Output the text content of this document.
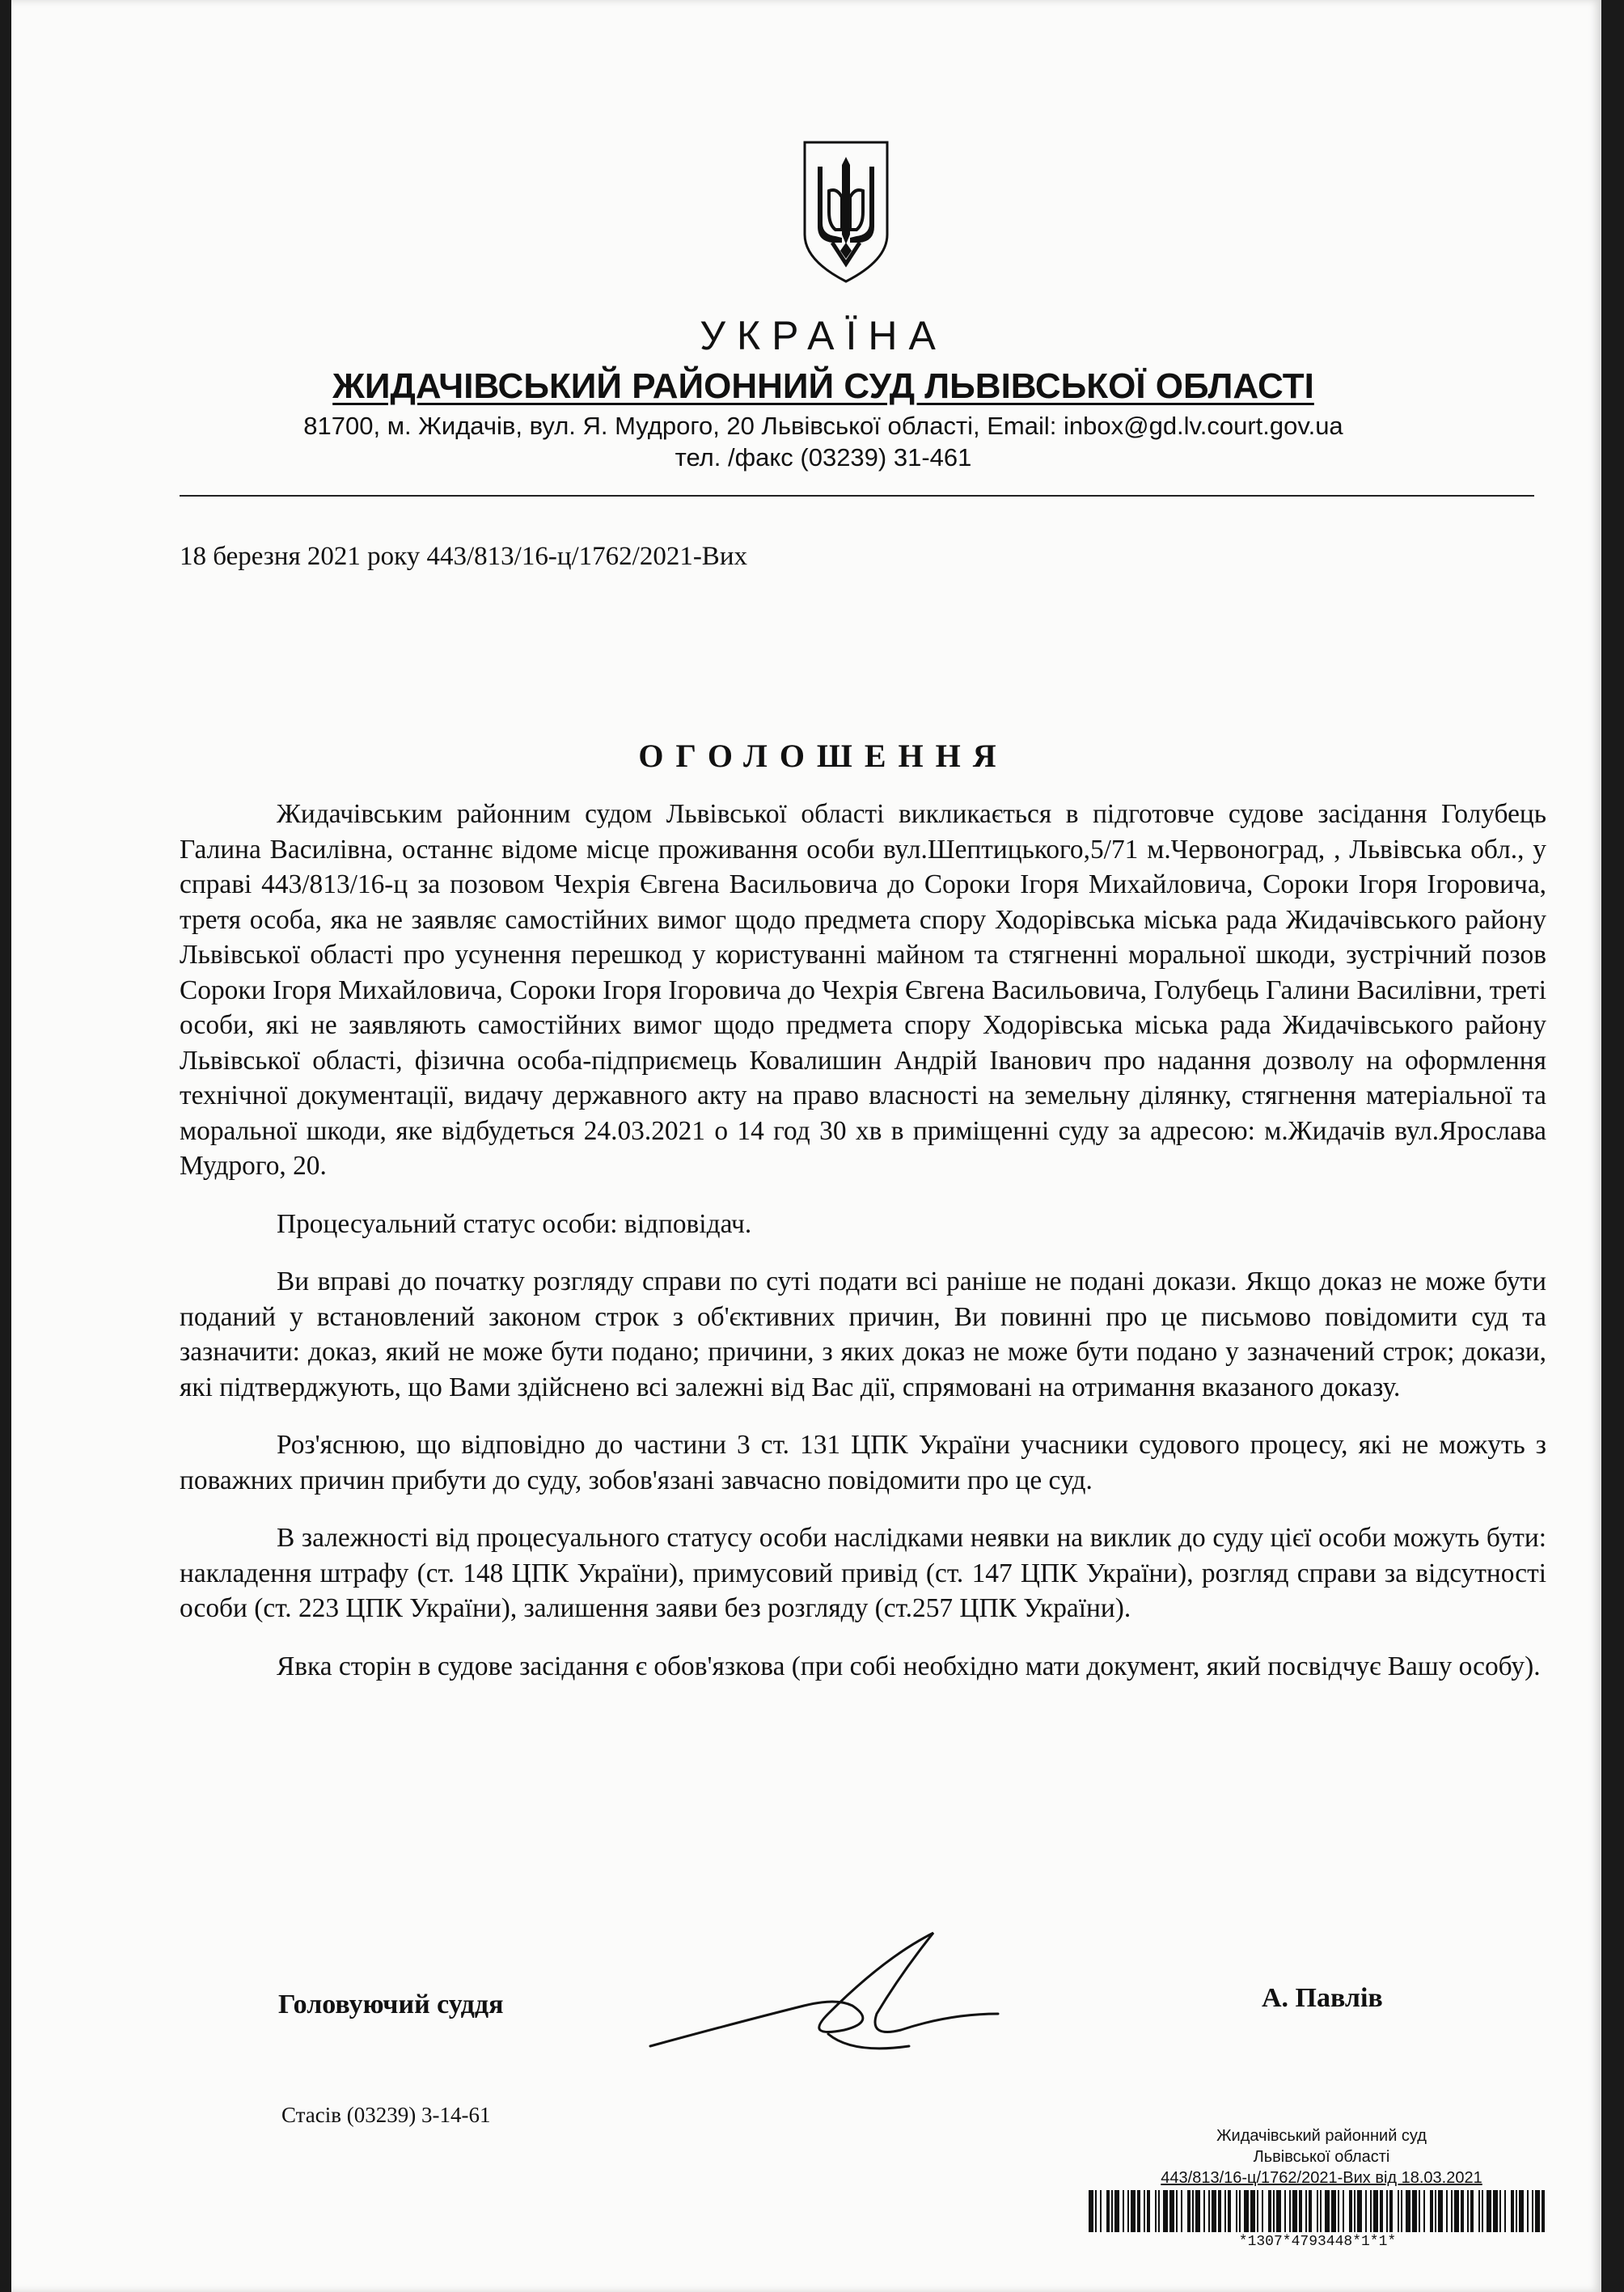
УКРАЇНА
ЖИДАЧІВСЬКИЙ РАЙОННИЙ СУД ЛЬВІВСЬКОЇ ОБЛАСТІ
81700, м. Жидачів, вул. Я. Мудрого, 20 Львівської області, Email: inbox@gd.lv.court.gov.ua
тел. /факс (03239) 31-461
18 березня 2021 року 443/813/16-ц/1762/2021-Вих
ОГОЛОШЕННЯ

Жидачівським районним судом Львівської області викликається в підготовче судове засідання Голубець Галина Василівна, останнє відоме місце проживання особи вул.Шептицького,5/71 м.Червоноград, , Львівська обл., у справі 443/813/16-ц за позовом Чехрія Євгена Васильовича до Сороки Ігоря Михайловича, Сороки Ігоря Ігоровича, третя особа, яка не заявляє самостійних вимог щодо предмета спору Ходорівська міська рада Жидачівського району Львівської області про усунення перешкод у користуванні майном та стягненні моральної шкоди, зустрічний позов Сороки Ігоря Михайловича, Сороки Ігоря Ігоровича до Чехрія Євгена Васильовича, Голубець Галини Василівни, треті особи, які не заявляють самостійних вимог щодо предмета спору Ходорівська міська рада Жидачівського району Львівської області, фізична особа-підприємець Ковалишин Андрій Іванович про надання дозволу на оформлення технічної документації, видачу державного акту на право власності на земельну ділянку, стягнення матеріальної та моральної шкоди, яке відбудеться 24.03.2021 о 14 год 30 хв в приміщенні суду за адресою: м.Жидачів вул.Ярослава Мудрого, 20.

Процесуальний статус особи: відповідач.

Ви вправі до початку розгляду справи по суті подати всі раніше не подані докази. Якщо доказ не може бути поданий у встановлений законом строк з об'єктивних причин, Ви повинні про це письмово повідомити суд та зазначити: доказ, який не може бути подано; причини, з яких доказ не може бути подано у зазначений строк; докази, які підтверджують, що Вами здійснено всі залежні від Вас дії, спрямовані на отримання вказаного доказу.

Роз'яснюю, що відповідно до частини 3 ст. 131 ЦПК України учасники судового процесу, які не можуть з поважних причин прибути до суду, зобов'язані завчасно повідомити про це суд.

В залежності від процесуального статусу особи наслідками неявки на виклик до суду цієї особи можуть бути: накладення штрафу (ст. 148 ЦПК України), примусовий привід (ст. 147 ЦПК України), розгляд справи за відсутності особи (ст. 223 ЦПК України), залишення заяви без розгляду (ст.257 ЦПК України).

Явка сторін в судове засідання є обов'язкова (при собі необхідно мати документ, який посвідчує Вашу особу).

Головуючий суддя	А. Павлів
Стасів (03239) 3-14-61
Жидачівський районний суд
Львівської області
443/813/16-ц/1762/2021-Вих від 18.03.2021
*1307*4793448*1*1*
